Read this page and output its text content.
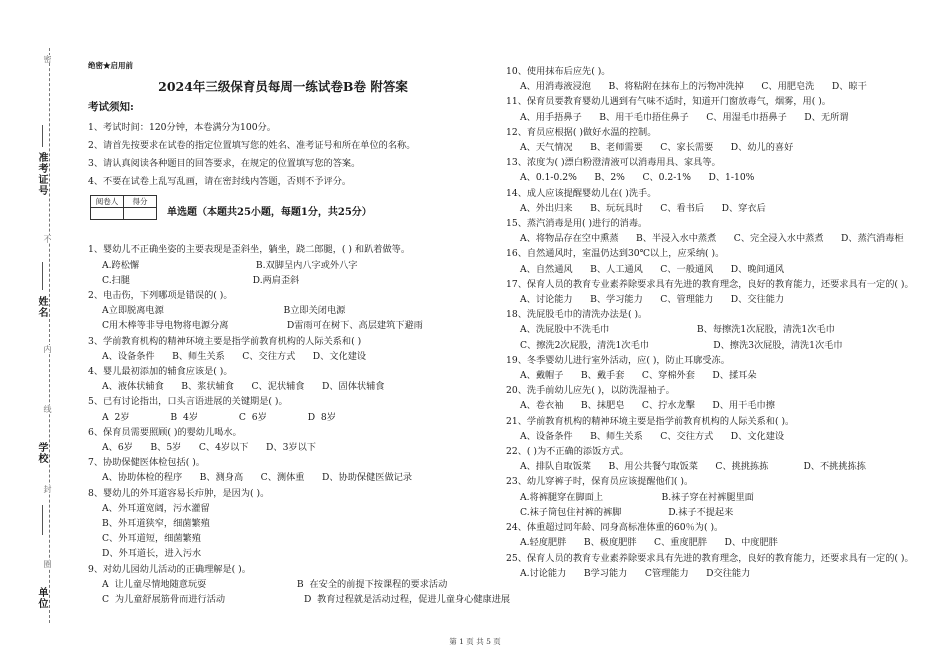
密
准考证号
不
姓名
内
线
学校
封
圈
单位
绝密★启用前
2024年三级保育员每周一练试卷B卷 附答案
考试须知:
1、考试时间：120分钟，本卷满分为100分。
2、请首先按要求在试卷的指定位置填写您的姓名、准考证号和所在单位的名称。
3、请认真阅读各种题目的回答要求，在规定的位置填写您的答案。
4、不要在试卷上乱写乱画，请在密封线内答题，否则不予评分。
阅卷人	得分

单选题（本题共25小题，每题1分，共25分）
1、婴幼儿不正确坐姿的主要表现是歪斜坐，躺坐，跷二郎腿，( ) 和趴着做等。
A.跨松懈                                        B.双脚呈内八字或外八字
C.扫腿                                          D.两肩歪斜
2、电击伤，下列哪项是错误的( )。
A立即脱离电源                                         B立即关闭电源
C用木棒等非导电物将电源分离                    D雷雨可在树下、高层建筑下避雨
3、学前教育机构的精神环境主要是指学前教育机构的人际关系和( )
A、设备条件      B、师生关系      C、交往方式      D、文化建设
4、婴儿最初添加的辅食应该是( )。
A、液体状辅食      B、浆状辅食      C、泥状辅食      D、固体状辅食
5、已有讨论指出，口头言语进展的关键期是( )。
A  2岁              B  4岁              C  6岁              D  8岁
6、保育员需要照顾( )的婴幼儿喝水。
A、6岁      B、5岁      C、4岁以下      D、3岁以下
7、协助保健医体检包括( )。
A、协助体检的程序      B、测身高      C、测体重      D、协助保健医做记录
8、婴幼儿的外耳道容易长疖肿，是因为( )。
A、外耳道宽阔，污水灌留
B、外耳道狭窄，细菌繁殖
C、外耳道短，细菌繁殖
D、外耳道长，进入污水
9、对幼儿园幼儿活动的正确理解是( )。
A  让儿童尽情地随意玩耍                               B  在安全的前提下按课程的要求活动
C  为儿童舒展筋骨而进行活动                           D  教育过程就是活动过程，促进儿童身心健康进展
10、使用抹布后应先( )。
A、用消毒液浸泡      B、将粘附在抹布上的污物冲洗掉      C、用肥皂洗      D、晾干
11、保育员要教育婴幼儿遇到有气味不适时，知道开门窗放毒气，烟雾，用( )。
A、用手捂鼻子      B、用干毛巾捂住鼻子      C、用湿毛巾捂鼻子      D、无所谓
12、育员应根据( )做好水温的控制。
A、天气情况      B、老师需要      C、家长需要      D、幼儿的喜好
13、浓度为( )漂白粉澄清液可以消毒用具、家具等。
A、0.1-0.2%      B、2%      C、0.2-1%      D、1-10%
14、成人应该提醒婴幼儿在( )洗手。
A、外出归来      B、玩玩具时      C、看书后      D、穿衣后
15、蒸汽消毒是用( )进行的消毒。
A、将物品存在空中熏蒸      B、半浸入水中蒸煮      C、完全浸入水中蒸煮      D、蒸汽消毒柜
16、自然通风时，室温仍达到30℃以上，应采纳( )。
A、自然通风      B、人工通风      C、一般通风      D、晚间通风
17、保育人员的教育专业素养除要求具有先进的教育理念，良好的教育能力，还要求具有一定的( )。
A、讨论能力      B、学习能力      C、管理能力      D、交往能力
18、洗屁股毛巾的清洗办法是( )。
A、洗屁股中不洗毛巾                              B、每擦洗1次屁股，清洗1次毛巾
C、擦洗2次屁股，清洗1次毛巾                      D、擦洗3次屁股，清洗1次毛巾
19、冬季婴幼儿进行室外活动，应( )，防止耳廓受冻。
A、戴帽子      B、戴手套      C、穿棉外套      D、揉耳朵
20、洗手前幼儿应先( )，以防洗湿袖子。
A、卷衣袖      B、抹肥皂      C、拧水龙擊      D、用干毛巾擦
21、学前教育机构的精神环境主要是指学前教育机构的人际关系和( )。
A、设备条件      B、师生关系      C、交往方式      D、文化建设
22、( )为不正确的添饭方式。
A、排队自取饭菜      B、用公共餐勺取饭菜      C、挑挑拣拣            D、不挑挑拣拣
23、幼儿穿裤子时，保育员应该提醒他们( )。
A.将裤腿穿在脚面上                    B.袜子穿在衬裤腿里面
C.袜子筒包住衬裤的裤脚                D.袜子不提起来
24、体重超过同年龄、同身高标准体重的60％为( )。
A.轻度肥胖      B、极度肥胖      C、重度肥胖      D、中度肥胖
25、保育人员的教育专业素养除要求具有先进的教育理念，良好的教育能力，还要求具有一定的( )。
A.讨论能力      B学习能力      C管理能力      D交往能力
第 1 页 共 5 页
